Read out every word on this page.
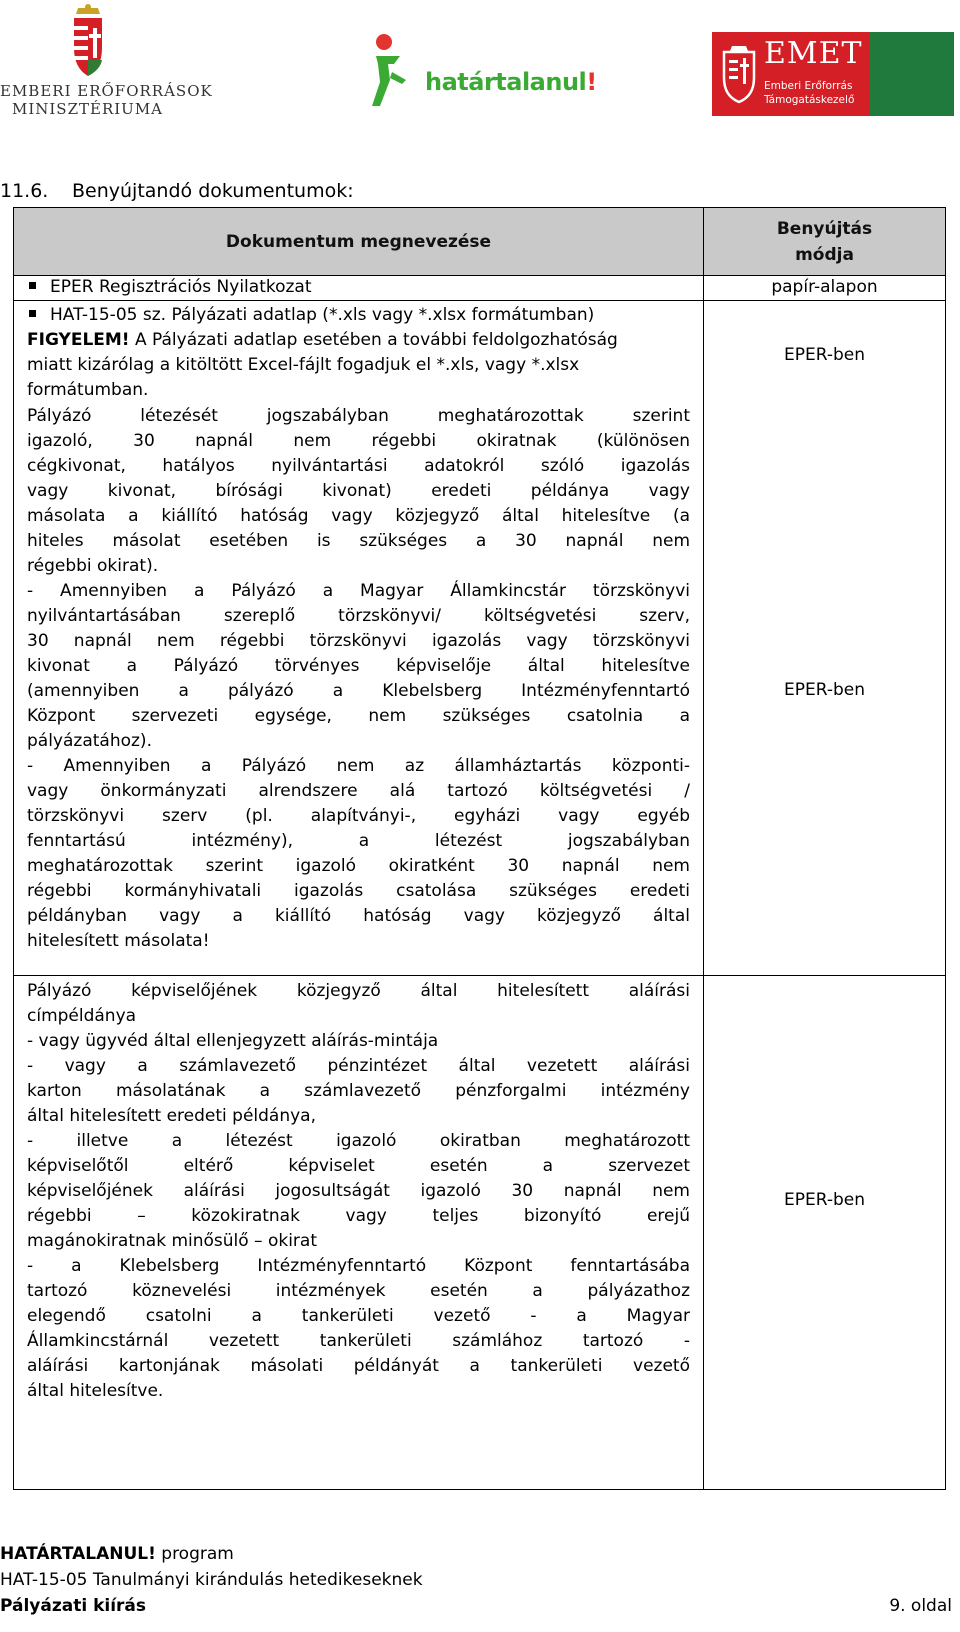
EMBERI ERŐFORRÁSOK
MINISZTÉRIUMA
határtalanul!
EMET
Emberi Erőforrás
Támogatáskezelő
11.6. Benyújtandó dokumentumok:
Dokumentum megnevezése
Benyújtás
módja
EPER Regisztrációs Nyilatkozat	papír-alapon
HAT-15-05 sz. Pályázati adatlap (*.xls vagy *.xlsx formátumban)
FIGYELEM! A Pályázati adatlap esetében a további feldolgozhatóság
miatt kizárólag a kitöltött Excel-fájlt fogadjuk el *.xls, vagy *.xlsx
formátumban.
EPER-ben
Pályázó létezését jogszabályban meghatározottak szerint
igazoló, 30 napnál nem régebbi okiratnak (különösen
cégkivonat, hatályos nyilvántartási adatokról szóló igazolás
vagy kivonat, bírósági kivonat) eredeti példánya vagy
másolata a kiállító hatóság vagy közjegyző által hitelesítve (a
hiteles másolat esetében is szükséges a 30 napnál nem
régebbi okirat).
- Amennyiben a Pályázó a Magyar Államkincstár törzskönyvi
nyilvántartásában szereplő törzskönyvi/ költségvetési szerv,
30 napnál nem régebbi törzskönyvi igazolás vagy törzskönyvi
kivonat a Pályázó törvényes képviselője által hitelesítve
(amennyiben a pályázó a Klebelsberg Intézményfenntartó
Központ szervezeti egysége, nem szükséges csatolnia a
pályázatához).
- Amennyiben a Pályázó nem az államháztartás központi-
vagy önkormányzati alrendszere alá tartozó költségvetési /
törzskönyvi szerv (pl. alapítványi-, egyházi vagy egyéb
fenntartású intézmény), a létezést jogszabályban
meghatározottak szerint igazoló okiratként 30 napnál nem
régebbi kormányhivatali igazolás csatolása szükséges eredeti
példányban vagy a kiállító hatóság vagy közjegyző által
hitelesített másolata!
EPER-ben
Pályázó képviselőjének közjegyző által hitelesített aláírási
címpéldánya
- vagy ügyvéd által ellenjegyzett aláírás-mintája
- vagy a számlavezető pénzintézet által vezetett aláírási
karton másolatának a számlavezető pénzforgalmi intézmény
által hitelesített eredeti példánya,
- illetve a létezést igazoló okiratban meghatározott
képviselőtől eltérő képviselet esetén a szervezet
képviselőjének aláírási jogosultságát igazoló 30 napnál nem
régebbi – közokiratnak vagy teljes bizonyító erejű
magánokiratnak minősülő – okirat
- a Klebelsberg Intézményfenntartó Központ fenntartásába
tartozó köznevelési intézmények esetén a pályázathoz
elegendő csatolni a tankerületi vezető - a Magyar
Államkincstárnál vezetett tankerületi számlához tartozó -
aláírási kartonjának másolati példányát a tankerületi vezető
által hitelesítve.
EPER-ben
HATÁRTALANUL! program
HAT-15-05 Tanulmányi kirándulás hetedikeseknek
Pályázati kiírás	9. oldal
